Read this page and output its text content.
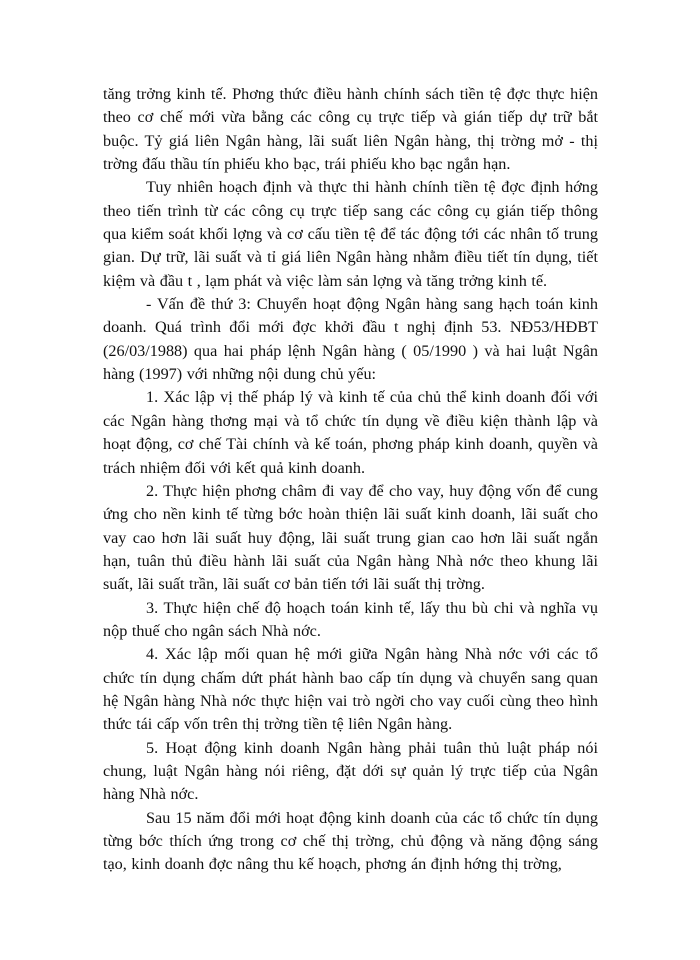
tăng trởng kinh tế. Phơng thức điều hành chính sách tiền tệ đợc thực hiện theo cơ chế mới vừa bằng các công cụ trực tiếp và gián tiếp dự trữ bắt buộc. Tỷ giá liên Ngân hàng, lãi suất liên Ngân hàng, thị trờng mở - thị trờng đấu thầu tín phiếu kho bạc, trái phiếu kho bạc ngắn hạn.

Tuy nhiên hoạch định và thực thi hành chính tiền tệ đợc định hớng theo tiến trình từ các công cụ trực tiếp sang các công cụ gián tiếp thông qua kiểm soát khối lợng và cơ cấu tiền tệ để tác động tới các nhân tố trung gian. Dự trữ, lãi suất và tỉ giá liên Ngân hàng nhằm điều tiết tín dụng, tiết kiệm và đầu t , lạm phát và việc làm sản lợng và tăng trởng kinh tế.

- Vấn đề thứ 3: Chuyển hoạt động Ngân hàng sang hạch toán kinh doanh. Quá trình đổi mới đợc khởi đầu t nghị định 53. NĐ53/HĐBT (26/03/1988) qua hai pháp lệnh Ngân hàng ( 05/1990 ) và hai luật Ngân hàng (1997) với những nội dung chủ yếu:

1. Xác lập vị thế pháp lý và kinh tế của chủ thể kinh doanh đối với các Ngân hàng thơng mại và tổ chức tín dụng về điều kiện thành lập và hoạt động, cơ chế Tài chính và kế toán, phơng pháp kinh doanh, quyền và trách nhiệm đối với kết quả kinh doanh.

2. Thực hiện phơng châm đi vay để cho vay, huy động vốn để cung ứng cho nền kinh tế từng bớc hoàn thiện lãi suất kinh doanh, lãi suất cho vay cao hơn lãi suất huy động, lãi suất trung gian cao hơn lãi suất ngắn hạn, tuân thủ điều hành lãi suất của Ngân hàng Nhà nớc theo khung lãi suất, lãi suất trần, lãi suất cơ bản tiến tới lãi suất thị trờng.

3. Thực hiện chế độ hoạch toán kinh tế, lấy thu bù chi và nghĩa vụ nộp thuế cho ngân sách Nhà nớc.

4. Xác lập mối quan hệ mới giữa Ngân hàng Nhà nớc với các tổ chức tín dụng chấm dứt phát hành bao cấp tín dụng và chuyển sang quan hệ Ngân hàng Nhà nớc thực hiện vai trò ngời cho vay cuối cùng theo hình thức tái cấp vốn trên thị trờng tiền tệ liên Ngân hàng.

5. Hoạt động kinh doanh Ngân hàng phải tuân thủ luật pháp nói chung, luật Ngân hàng nói riêng, đặt dới sự quản lý trực tiếp của Ngân hàng Nhà nớc.

Sau 15 năm đổi mới hoạt động kinh doanh của các tổ chức tín dụng từng bớc thích ứng trong cơ chế thị trờng, chủ động và năng động sáng tạo, kinh doanh đợc nâng thu kế hoạch, phơng án định hớng thị trờng,
